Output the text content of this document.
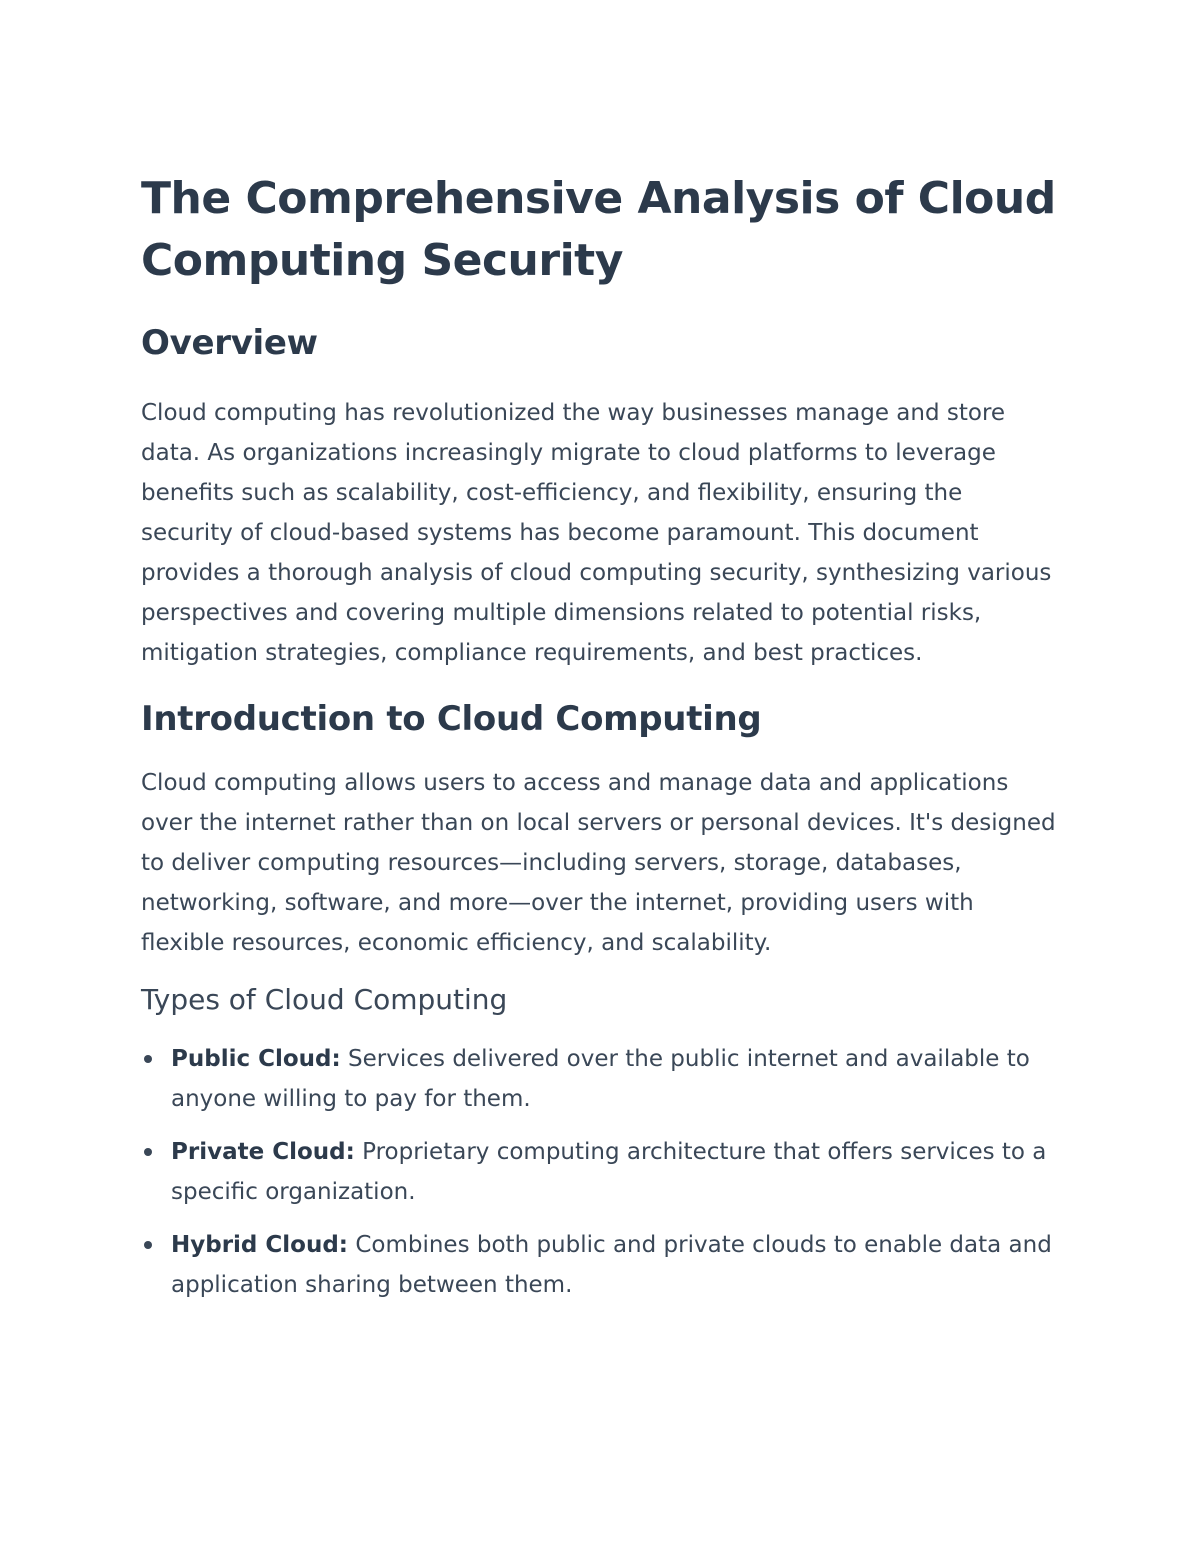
The Comprehensive Analysis of Cloud Computing Security
Overview

Cloud computing has revolutionized the way businesses manage and store data. As organizations increasingly migrate to cloud platforms to leverage benefits such as scalability, cost-efficiency, and flexibility, ensuring the security of cloud-based systems has become paramount. This document provides a thorough analysis of cloud computing security, synthesizing various perspectives and covering multiple dimensions related to potential risks, mitigation strategies, compliance requirements, and best practices.

Introduction to Cloud Computing

Cloud computing allows users to access and manage data and applications over the internet rather than on local servers or personal devices. It's designed to deliver computing resources—including servers, storage, databases, networking, software, and more—over the internet, providing users with flexible resources, economic efficiency, and scalability.

Types of Cloud Computing
Public Cloud: Services delivered over the public internet and available to anyone willing to pay for them.
Private Cloud: Proprietary computing architecture that offers services to a specific organization.
Hybrid Cloud: Combines both public and private clouds to enable data and application sharing between them.
